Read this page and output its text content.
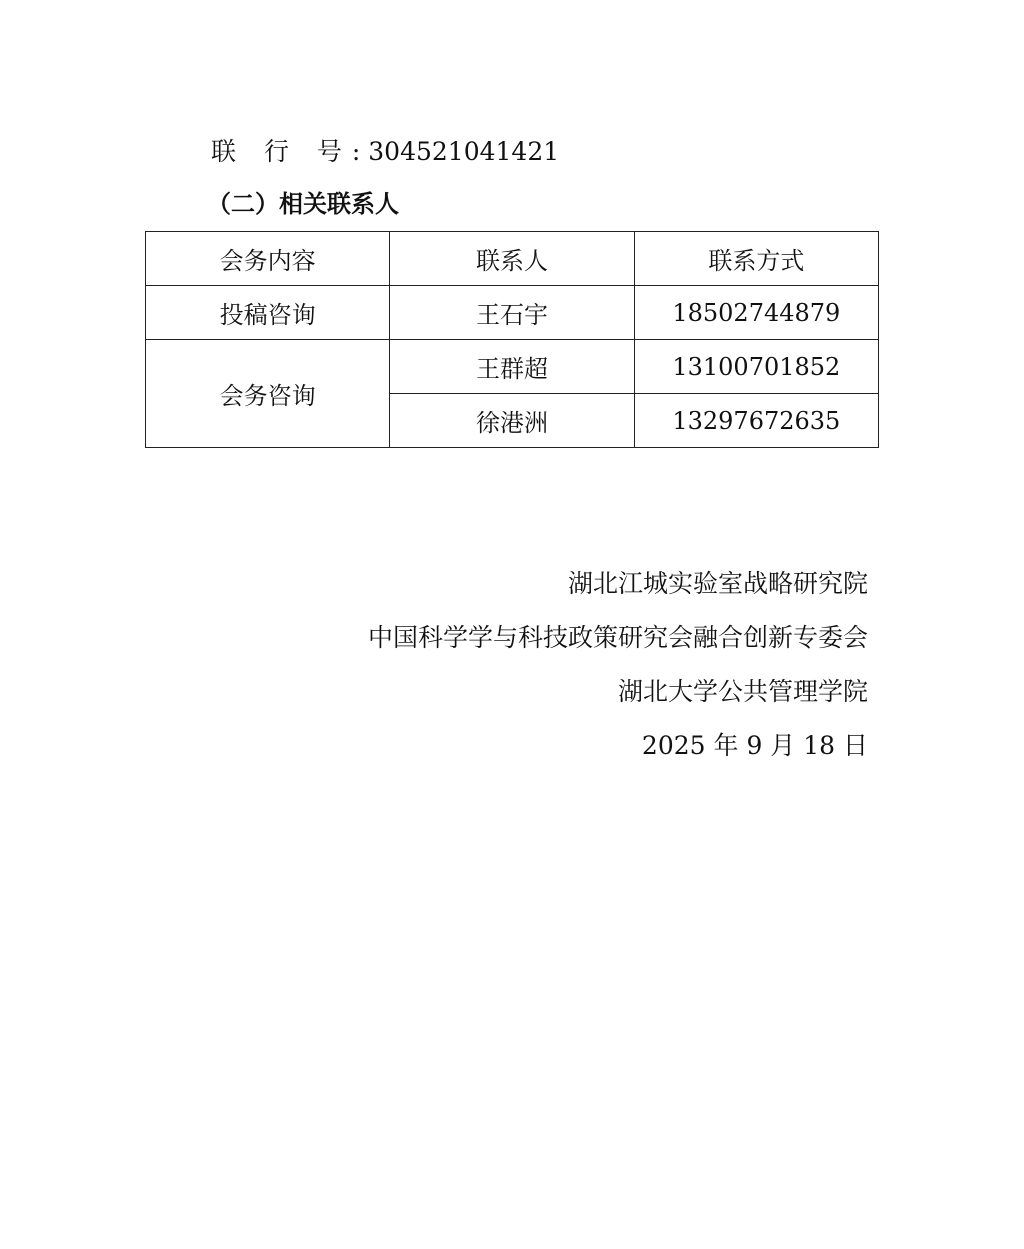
联 行 号: 304521041421
（二）相关联系人
会务内容	联系人	联系方式
投稿咨询	王石宇	18502744879
会务咨询	王群超	13100701852
	徐港洲	13297672635
湖北江城实验室战略研究院
中国科学学与科技政策研究会融合创新专委会
湖北大学公共管理学院
2025 年 9 月 18 日
